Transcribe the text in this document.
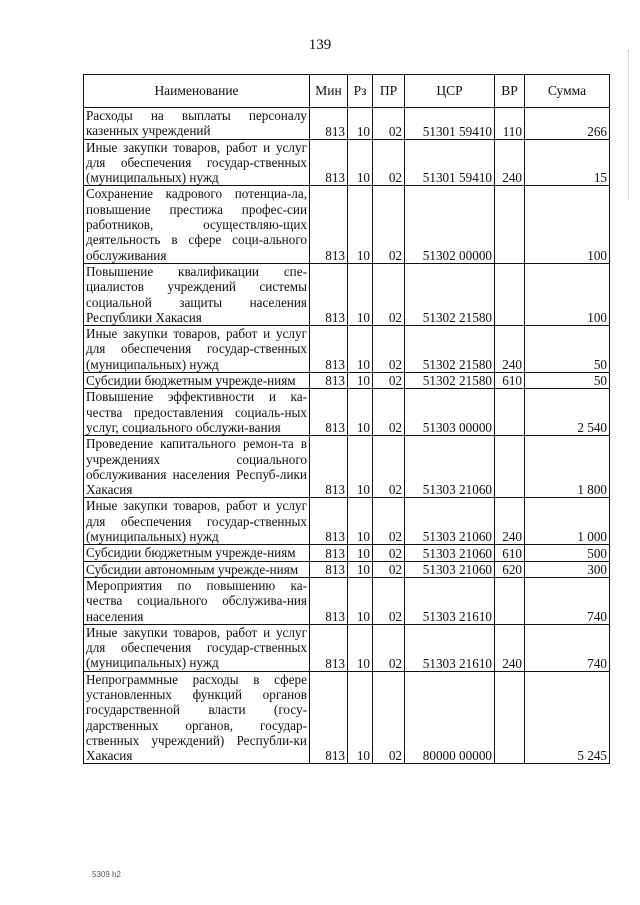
139
Наименование	Мин	Рз	ПР	ЦСР	ВР	Сумма
Расходы на выплаты персоналу казенных учреждений	813	10	02	51301 59410	110	266
Иные закупки товаров, работ и услуг для обеспечения государ-ственных (муниципальных) нужд	813	10	02	51301 59410	240	15
Сохранение кадрового потенциа-ла, повышение престижа профес-сии работников, осуществляю-щих деятельность в сфере соци-ального обслуживания	813	10	02	51302 00000		100
Повышение квалификации спе-циалистов учреждений системы социальной защиты населения Республики Хакасия	813	10	02	51302 21580		100
Иные закупки товаров, работ и услуг для обеспечения государ-ственных (муниципальных) нужд	813	10	02	51302 21580	240	50
Субсидии бюджетным учрежде-ниям	813	10	02	51302 21580	610	50
Повышение эффективности и ка-чества предоставления социаль-ных услуг, социального обслужи-вания	813	10	02	51303 00000		2 540
Проведение капитального ремон-та в учреждениях социального обслуживания населения Респуб-лики Хакасия	813	10	02	51303 21060		1 800
Иные закупки товаров, работ и услуг для обеспечения государ-ственных (муниципальных) нужд	813	10	02	51303 21060	240	1 000
Субсидии бюджетным учрежде-ниям	813	10	02	51303 21060	610	500
Субсидии автономным учрежде-ниям	813	10	02	51303 21060	620	300
Мероприятия по повышению ка-чества социального обслужива-ния населения	813	10	02	51303 21610		740
Иные закупки товаров, работ и услуг для обеспечения государ-ственных (муниципальных) нужд	813	10	02	51303 21610	240	740
Непрограммные расходы в сфере установленных функций органов государственной власти (госу-дарственных органов, государ-ственных учреждений) Республи-ки Хакасия	813	10	02	80000 00000		5 245
5309 h2
